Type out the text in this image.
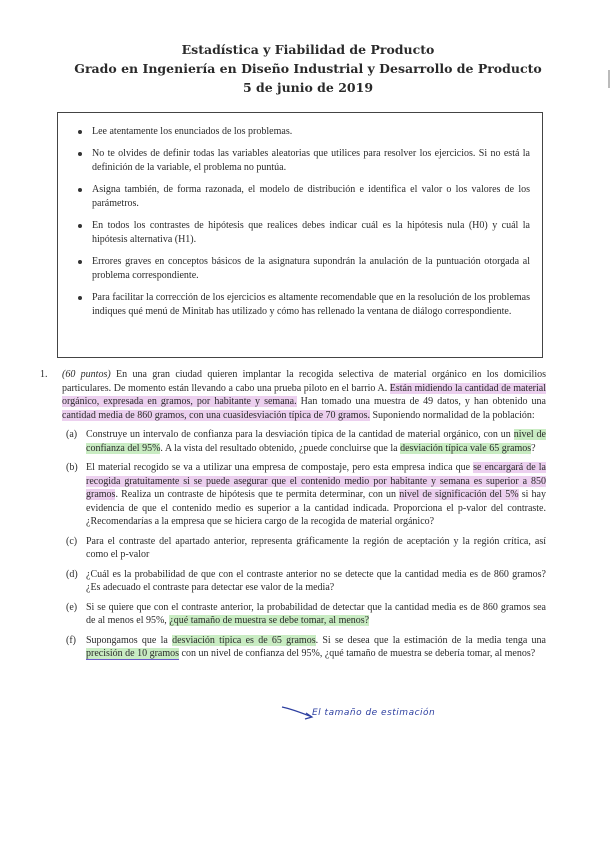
Estadística y Fiabilidad de Producto
Grado en Ingeniería en Diseño Industrial y Desarrollo de Producto
5 de junio de 2019
Lee atentamente los enunciados de los problemas.
No te olvides de definir todas las variables aleatorias que utilices para resolver los ejercicios. Si no está la definición de la variable, el problema no puntúa.
Asigna también, de forma razonada, el modelo de distribución e identifica el valor o los valores de los parámetros.
En todos los contrastes de hipótesis que realices debes indicar cuál es la hipótesis nula (H0) y cuál la hipótesis alternativa (H1).
Errores graves en conceptos básicos de la asignatura supondrán la anulación de la puntuación otorgada al problema correspondiente.
Para facilitar la corrección de los ejercicios es altamente recomendable que en la resolución de los problemas indiques qué menú de Minitab has utilizado y cómo has rellenado la ventana de diálogo correspondiente.
1. (60 puntos) En una gran ciudad quieren implantar la recogida selectiva de material orgánico en los domicilios particulares. De momento están llevando a cabo una prueba piloto en el barrio A. Están midiendo la cantidad de material orgánico, expresada en gramos, por habitante y semana. Han tomado una muestra de 49 datos, y han obtenido una cantidad media de 860 gramos, con una cuasidesviación típica de 70 gramos. Suponiendo normalidad de la población:
(a) Construye un intervalo de confianza para la desviación típica de la cantidad de material orgánico, con un nivel de confianza del 95%. A la vista del resultado obtenido, ¿puede concluirse que la desviación típica vale 65 gramos?
(b) El material recogido se va a utilizar una empresa de compostaje, pero esta empresa indica que se encargará de la recogida gratuitamente si se puede asegurar que el contenido medio por habitante y semana es superior a 850 gramos. Realiza un contraste de hipótesis que te permita determinar, con un nivel de significación del 5% si hay evidencia de que el contenido medio es superior a la cantidad indicada. Proporciona el p-valor del contraste. ¿Recomendarías a la empresa que se hiciera cargo de la recogida de material orgánico?
(c) Para el contraste del apartado anterior, representa gráficamente la región de aceptación y la región crítica, así como el p-valor
(d) ¿Cuál es la probabilidad de que con el contraste anterior no se detecte que la cantidad media es de 860 gramos? ¿Es adecuado el contraste para detectar ese valor de la media?
(e) Si se quiere que con el contraste anterior, la probabilidad de detectar que la cantidad media es de 860 gramos sea de al menos el 95%, ¿qué tamaño de muestra se debe tomar, al menos?
(f) Supongamos que la desviación típica es de 65 gramos. Si se desea que la estimación de la media tenga una precisión de 10 gramos con un nivel de confianza del 95%, ¿qué tamaño de muestra se debería tomar, al menos?
El tamaño de estimación
